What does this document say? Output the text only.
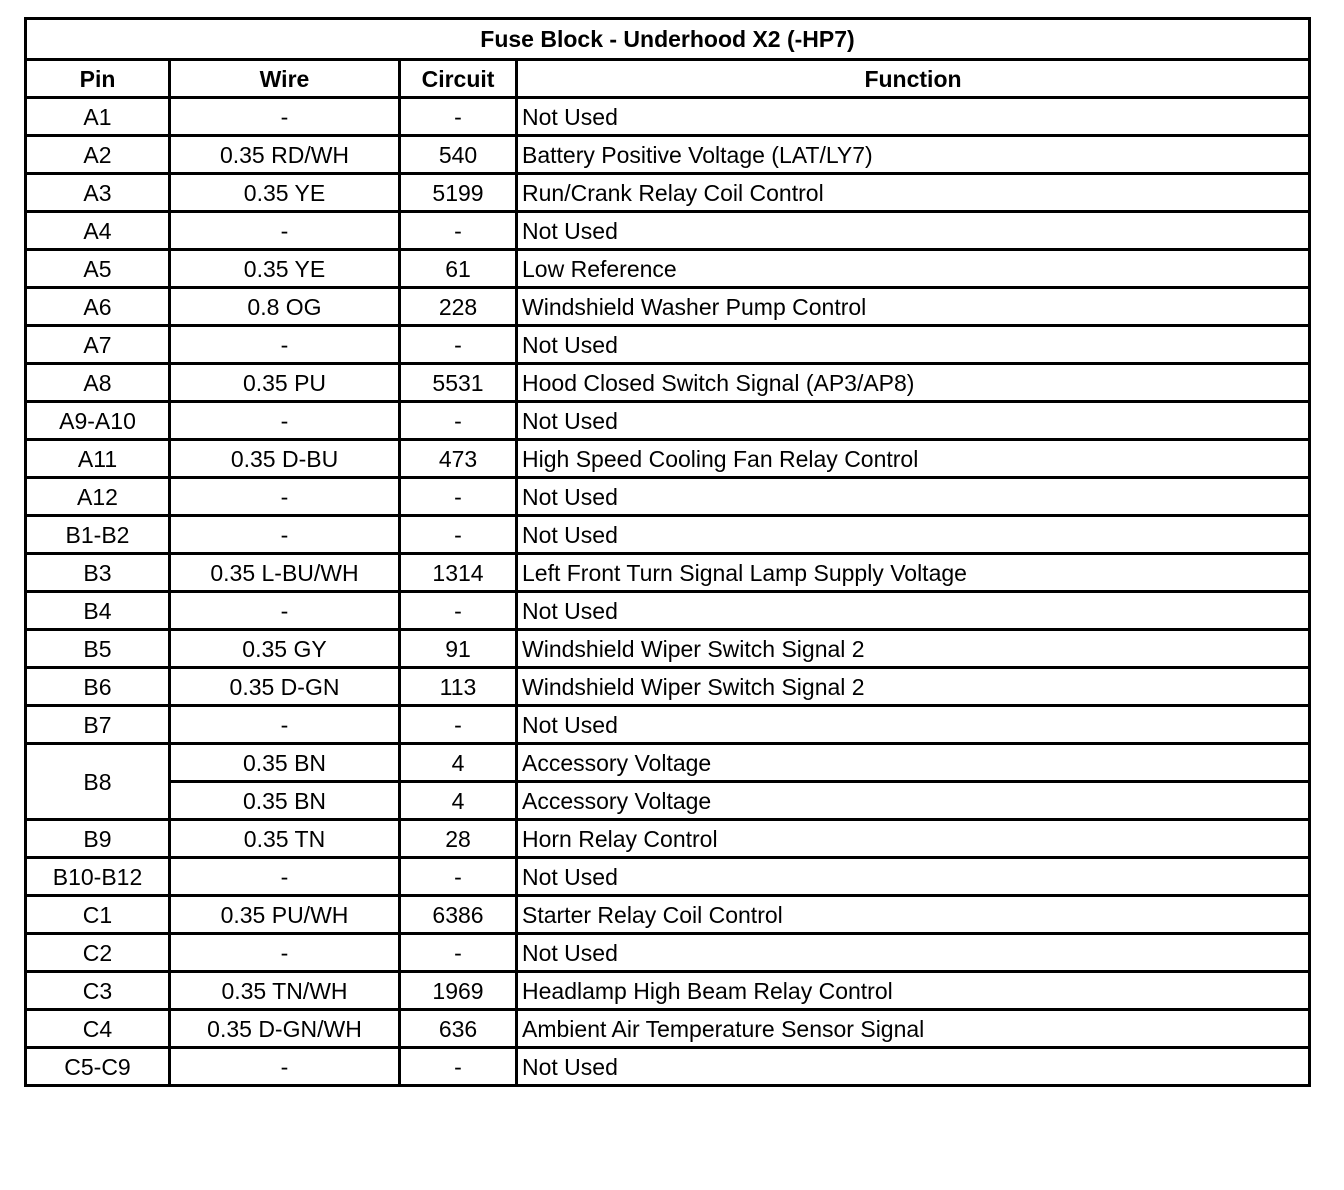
Fuse Block - Underhood X2 (-HP7)			
Pin	Wire	Circuit	Function
A1	-	-	Not Used
A2	0.35 RD/WH	540	Battery Positive Voltage (LAT/LY7)
A3	0.35 YE	5199	Run/Crank Relay Coil Control
A4	-	-	Not Used
A5	0.35 YE	61	Low Reference
A6	0.8 OG	228	Windshield Washer Pump Control
A7	-	-	Not Used
A8	0.35 PU	5531	Hood Closed Switch Signal (AP3/AP8)
A9-A10	-	-	Not Used
A11	0.35 D-BU	473	High Speed Cooling Fan Relay Control
A12	-	-	Not Used
B1-B2	-	-	Not Used
B3	0.35 L-BU/WH	1314	Left Front Turn Signal Lamp Supply Voltage
B4	-	-	Not Used
B5	0.35 GY	91	Windshield Wiper Switch Signal 2
B6	0.35 D-GN	113	Windshield Wiper Switch Signal 2
B7	-	-	Not Used
B8	0.35 BN	4	Accessory Voltage
	0.35 BN	4	Accessory Voltage
B9	0.35 TN	28	Horn Relay Control
B10-B12	-	-	Not Used
C1	0.35 PU/WH	6386	Starter Relay Coil Control
C2	-	-	Not Used
C3	0.35 TN/WH	1969	Headlamp High Beam Relay Control
C4	0.35 D-GN/WH	636	Ambient Air Temperature Sensor Signal
C5-C9	-	-	Not Used
